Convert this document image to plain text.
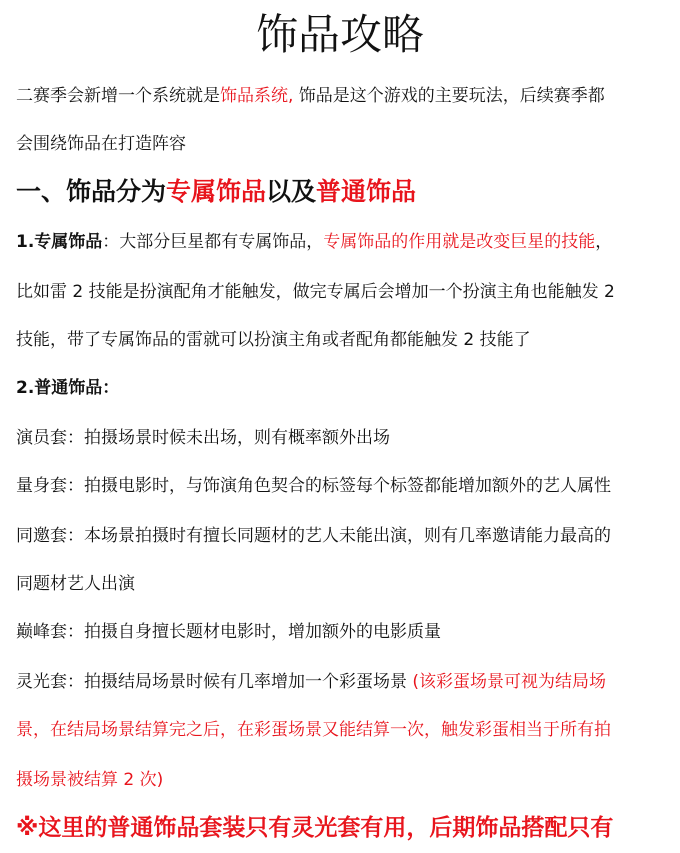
饰品攻略
二赛季会新增一个系统就是饰品系统, 饰品是这个游戏的主要玩法，后续赛季都
会围绕饰品在打造阵容
一、饰品分为专属饰品以及普通饰品
1.专属饰品：大部分巨星都有专属饰品，专属饰品的作用就是改变巨星的技能，
比如雷 2 技能是扮演配角才能触发，做完专属后会增加一个扮演主角也能触发 2
技能，带了专属饰品的雷就可以扮演主角或者配角都能触发 2 技能了
2.普通饰品：
演员套：拍摄场景时候未出场，则有概率额外出场
量身套：拍摄电影时，与饰演角色契合的标签每个标签都能增加额外的艺人属性
同邀套：本场景拍摄时有擅长同题材的艺人未能出演，则有几率邀请能力最高的
同题材艺人出演
巅峰套：拍摄自身擅长题材电影时，增加额外的电影质量
灵光套：拍摄结局场景时候有几率增加一个彩蛋场景 (该彩蛋场景可视为结局场
景，在结局场景结算完之后，在彩蛋场景又能结算一次，触发彩蛋相当于所有拍
摄场景被结算 2 次)
※这里的普通饰品套装只有灵光套有用，后期饰品搭配只有
